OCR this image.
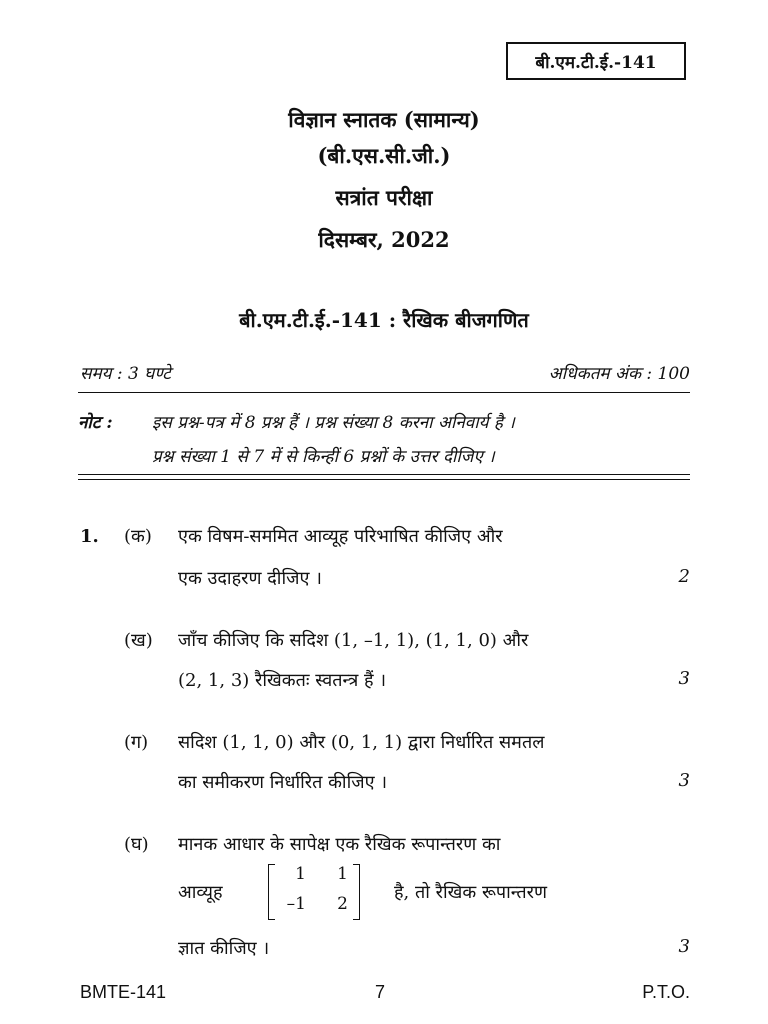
बी.एम.टी.ई.-141
विज्ञान स्नातक (सामान्य)
(बी.एस.सी.जी.)
सत्रांत परीक्षा
दिसम्बर, 2022
बी.एम.टी.ई.-141 : रैखिक बीजगणित
समय : 3 घण्टे	अधिकतम अंक : 100
नोट : इस प्रश्न-पत्र में 8 प्रश्न हैं । प्रश्न संख्या 8 करना अनिवार्य है ।
प्रश्न संख्या 1 से 7 में से किन्हीं 6 प्रश्नों के उत्तर दीजिए ।
1. (क) एक विषम-सममित आव्यूह परिभाषित कीजिए और
एक उदाहरण दीजिए ।	2
(ख) जाँच कीजिए कि सदिश (1, –1, 1), (1, 1, 0) और
(2, 1, 3) रैखिकतः स्वतन्त्र हैं ।	3
(ग) सदिश (1, 1, 0) और (0, 1, 1) द्वारा निर्धारित समतल
का समीकरण निर्धारित कीजिए ।	3
(घ) मानक आधार के सापेक्ष एक रैखिक रूपान्तरण का
आव्यूह
1	1
–1	2
है, तो रैखिक रूपान्तरण
ज्ञात कीजिए ।	3
BMTE-141	7	P.T.O.
